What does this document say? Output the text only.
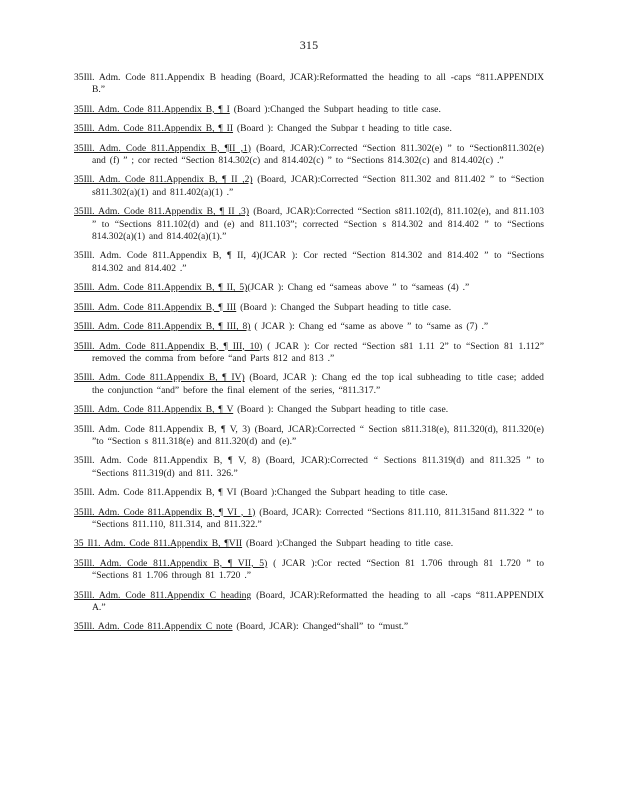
315

35Ill. Adm. Code 811.Appendix B heading (Board, JCAR):Reformatted the heading to all -caps “811.APPENDIX B.”

35Ill. Adm. Code 811.Appendix B, ¶ I (Board ):Changed the Subpart heading to title case.

35Ill. Adm. Code 811.Appendix B, ¶ II (Board ): Changed the Subpar t heading to title case.

35Ill. Adm. Code 811.Appendix B, ¶II ,1) (Board, JCAR):Corrected “Section 811.302(e) ” to “Section811.302(e) and (f) ” ; cor rected “Section 814.302(c) and 814.402(c) ” to “Sections 814.302(c) and 814.402(c) .”

35Ill. Adm. Code 811.Appendix B, ¶ II ,2) (Board, JCAR):Corrected “Section 811.302 and 811.402 ” to “Section s811.302(a)(1) and 811.402(a)(1) .”

35Ill. Adm. Code 811.Appendix B, ¶ II ,3) (Board, JCAR):Corrected “Section s811.102(d), 811.102(e), and 811.103 ” to “Sections 811.102(d) and (e) and 811.103”; corrected “Section s 814.302 and 814.402 ” to “Sections 814.302(a)(1) and 814.402(a)(1).”

35Ill. Adm. Code 811.Appendix B, ¶ II, 4)(JCAR ): Cor rected “Section 814.302 and 814.402 ” to “Sections 814.302 and 814.402 .”

35Ill. Adm. Code 811.Appendix B, ¶ II, 5)(JCAR ): Chang ed “sameas above ” to “sameas (4) .”

35Ill. Adm. Code 811.Appendix B, ¶ III (Board ): Changed the Subpart heading to title case.

35Ill. Adm. Code 811.Appendix B, ¶ III, 8) ( JCAR ): Chang ed “same as above ” to “same as (7) .”

35Ill. Adm. Code 811.Appendix B, ¶ III, 10) ( JCAR ): Cor rected “Section s81 1.11 2” to “Section 81 1.112” removed the comma from before “and Parts 812 and 813 .”

35Ill. Adm. Code 811.Appendix B, ¶ IV) (Board, JCAR ): Chang ed the top ical subheading to title case; added the conjunction “and” before the final element of the series, “811.317.”

35Ill. Adm. Code 811.Appendix B, ¶ V (Board ): Changed the Subpart heading to title case.

35Ill. Adm. Code 811.Appendix B, ¶ V, 3) (Board, JCAR):Corrected “ Section s811.318(e), 811.320(d), 811.320(e) ”to “Section s 811.318(e) and 811.320(d) and (e).”

35Ill. Adm. Code 811.Appendix B, ¶ V, 8) (Board, JCAR):Corrected “ Sections 811.319(d) and 811.325 ” to “Sections 811.319(d) and 811. 326.”

35Ill. Adm. Code 811.Appendix B, ¶ VI (Board ):Changed the Subpart heading to title case.

35Ill. Adm. Code 811.Appendix B, ¶ VI , 1) (Board, JCAR): Corrected “Sections 811.110, 811.315and 811.322 ” to “Sections 811.110, 811.314, and 811.322.”

35 Il1. Adm. Code 811.Appendix B, ¶VII (Board ):Changed the Subpart heading to title case.

35Ill. Adm. Code 811.Appendix B, ¶ VII, 5) ( JCAR ):Cor rected “Section 81 1.706 through 81 1.720 ” to “Sections 81 1.706 through 81 1.720 .”

35Ill. Adm. Code 811.Appendix C heading (Board, JCAR):Reformatted the heading to all -caps “811.APPENDIX A.”

35Ill. Adm. Code 811.Appendix C note (Board, JCAR): Changed“shall” to “must.”
